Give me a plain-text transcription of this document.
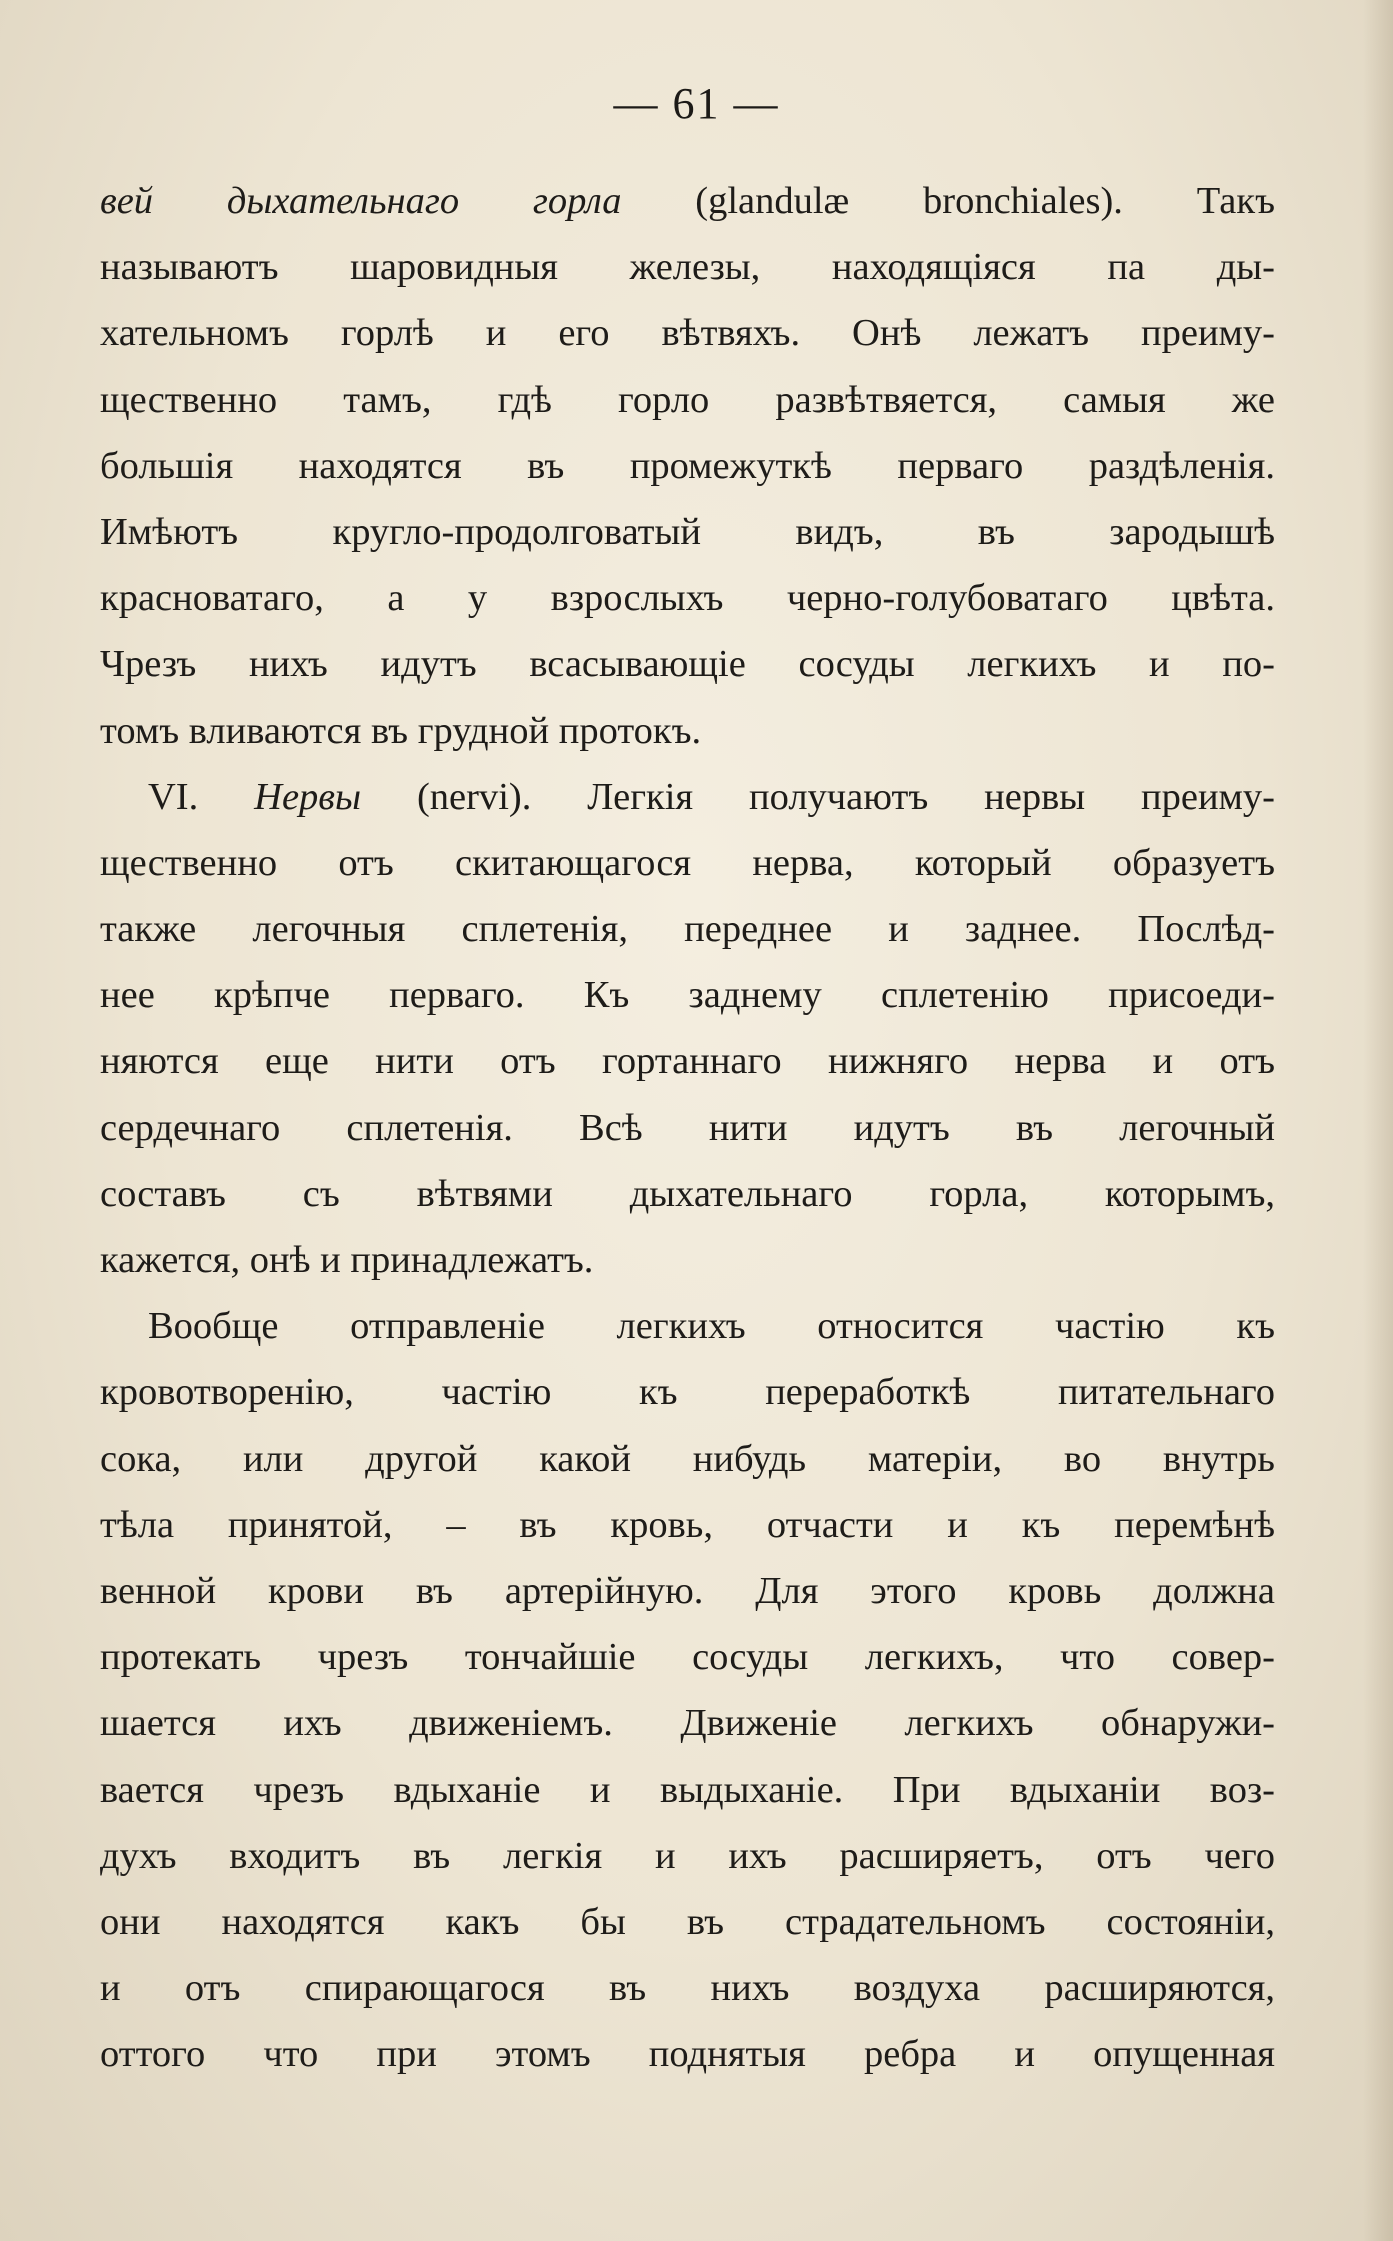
— 61 —
вей дыхательнаго горла (glandulæ bronchiales). Такъ
называютъ шаровидныя железы, находящіяся па ды-
хательномъ горлѣ и его вѣтвяхъ. Онѣ лежатъ преиму-
щественно тамъ, гдѣ горло развѣтвяется, самыя же
большія находятся въ промежуткѣ перваго раздѣленія.
Имѣютъ кругло-продолговатый видъ, въ зародышѣ
красноватаго, а у взрослыхъ черно-голубоватаго цвѣта.
Чрезъ нихъ идутъ всасывающіе сосуды легкихъ и по-
томъ вливаются въ грудной протокъ.
VI. Нервы (nervi). Легкія получаютъ нервы преиму-
щественно отъ скитающагося нерва, который образуетъ
также легочныя сплетенія, переднее и заднее. Послѣд-
нее крѣпче перваго. Къ заднему сплетенію присоеди-
няются еще нити отъ гортаннаго нижняго нерва и отъ
сердечнаго сплетенія. Всѣ нити идутъ въ легочный
составъ съ вѣтвями дыхательнаго горла, которымъ,
кажется, онѣ и принадлежатъ.
Вообще отправленіе легкихъ относится частію къ
кровотворенію, частію къ переработкѣ питательнаго
сока, или другой какой нибудь матеріи, во внутрь
тѣла принятой, – въ кровь, отчасти и къ перемѣнѣ
венной крови въ артерійную. Для этого кровь должна
протекать чрезъ тончайшіе сосуды легкихъ, что совер-
шается ихъ движеніемъ. Движеніе легкихъ обнаружи-
вается чрезъ вдыханіе и выдыханіе. При вдыханіи воз-
духъ входитъ въ легкія и ихъ расширяетъ, отъ чего
они находятся какъ бы въ страдательномъ состояніи,
и отъ спирающагося въ нихъ воздуха расширяются,
оттого что при этомъ поднятыя ребра и опущенная
